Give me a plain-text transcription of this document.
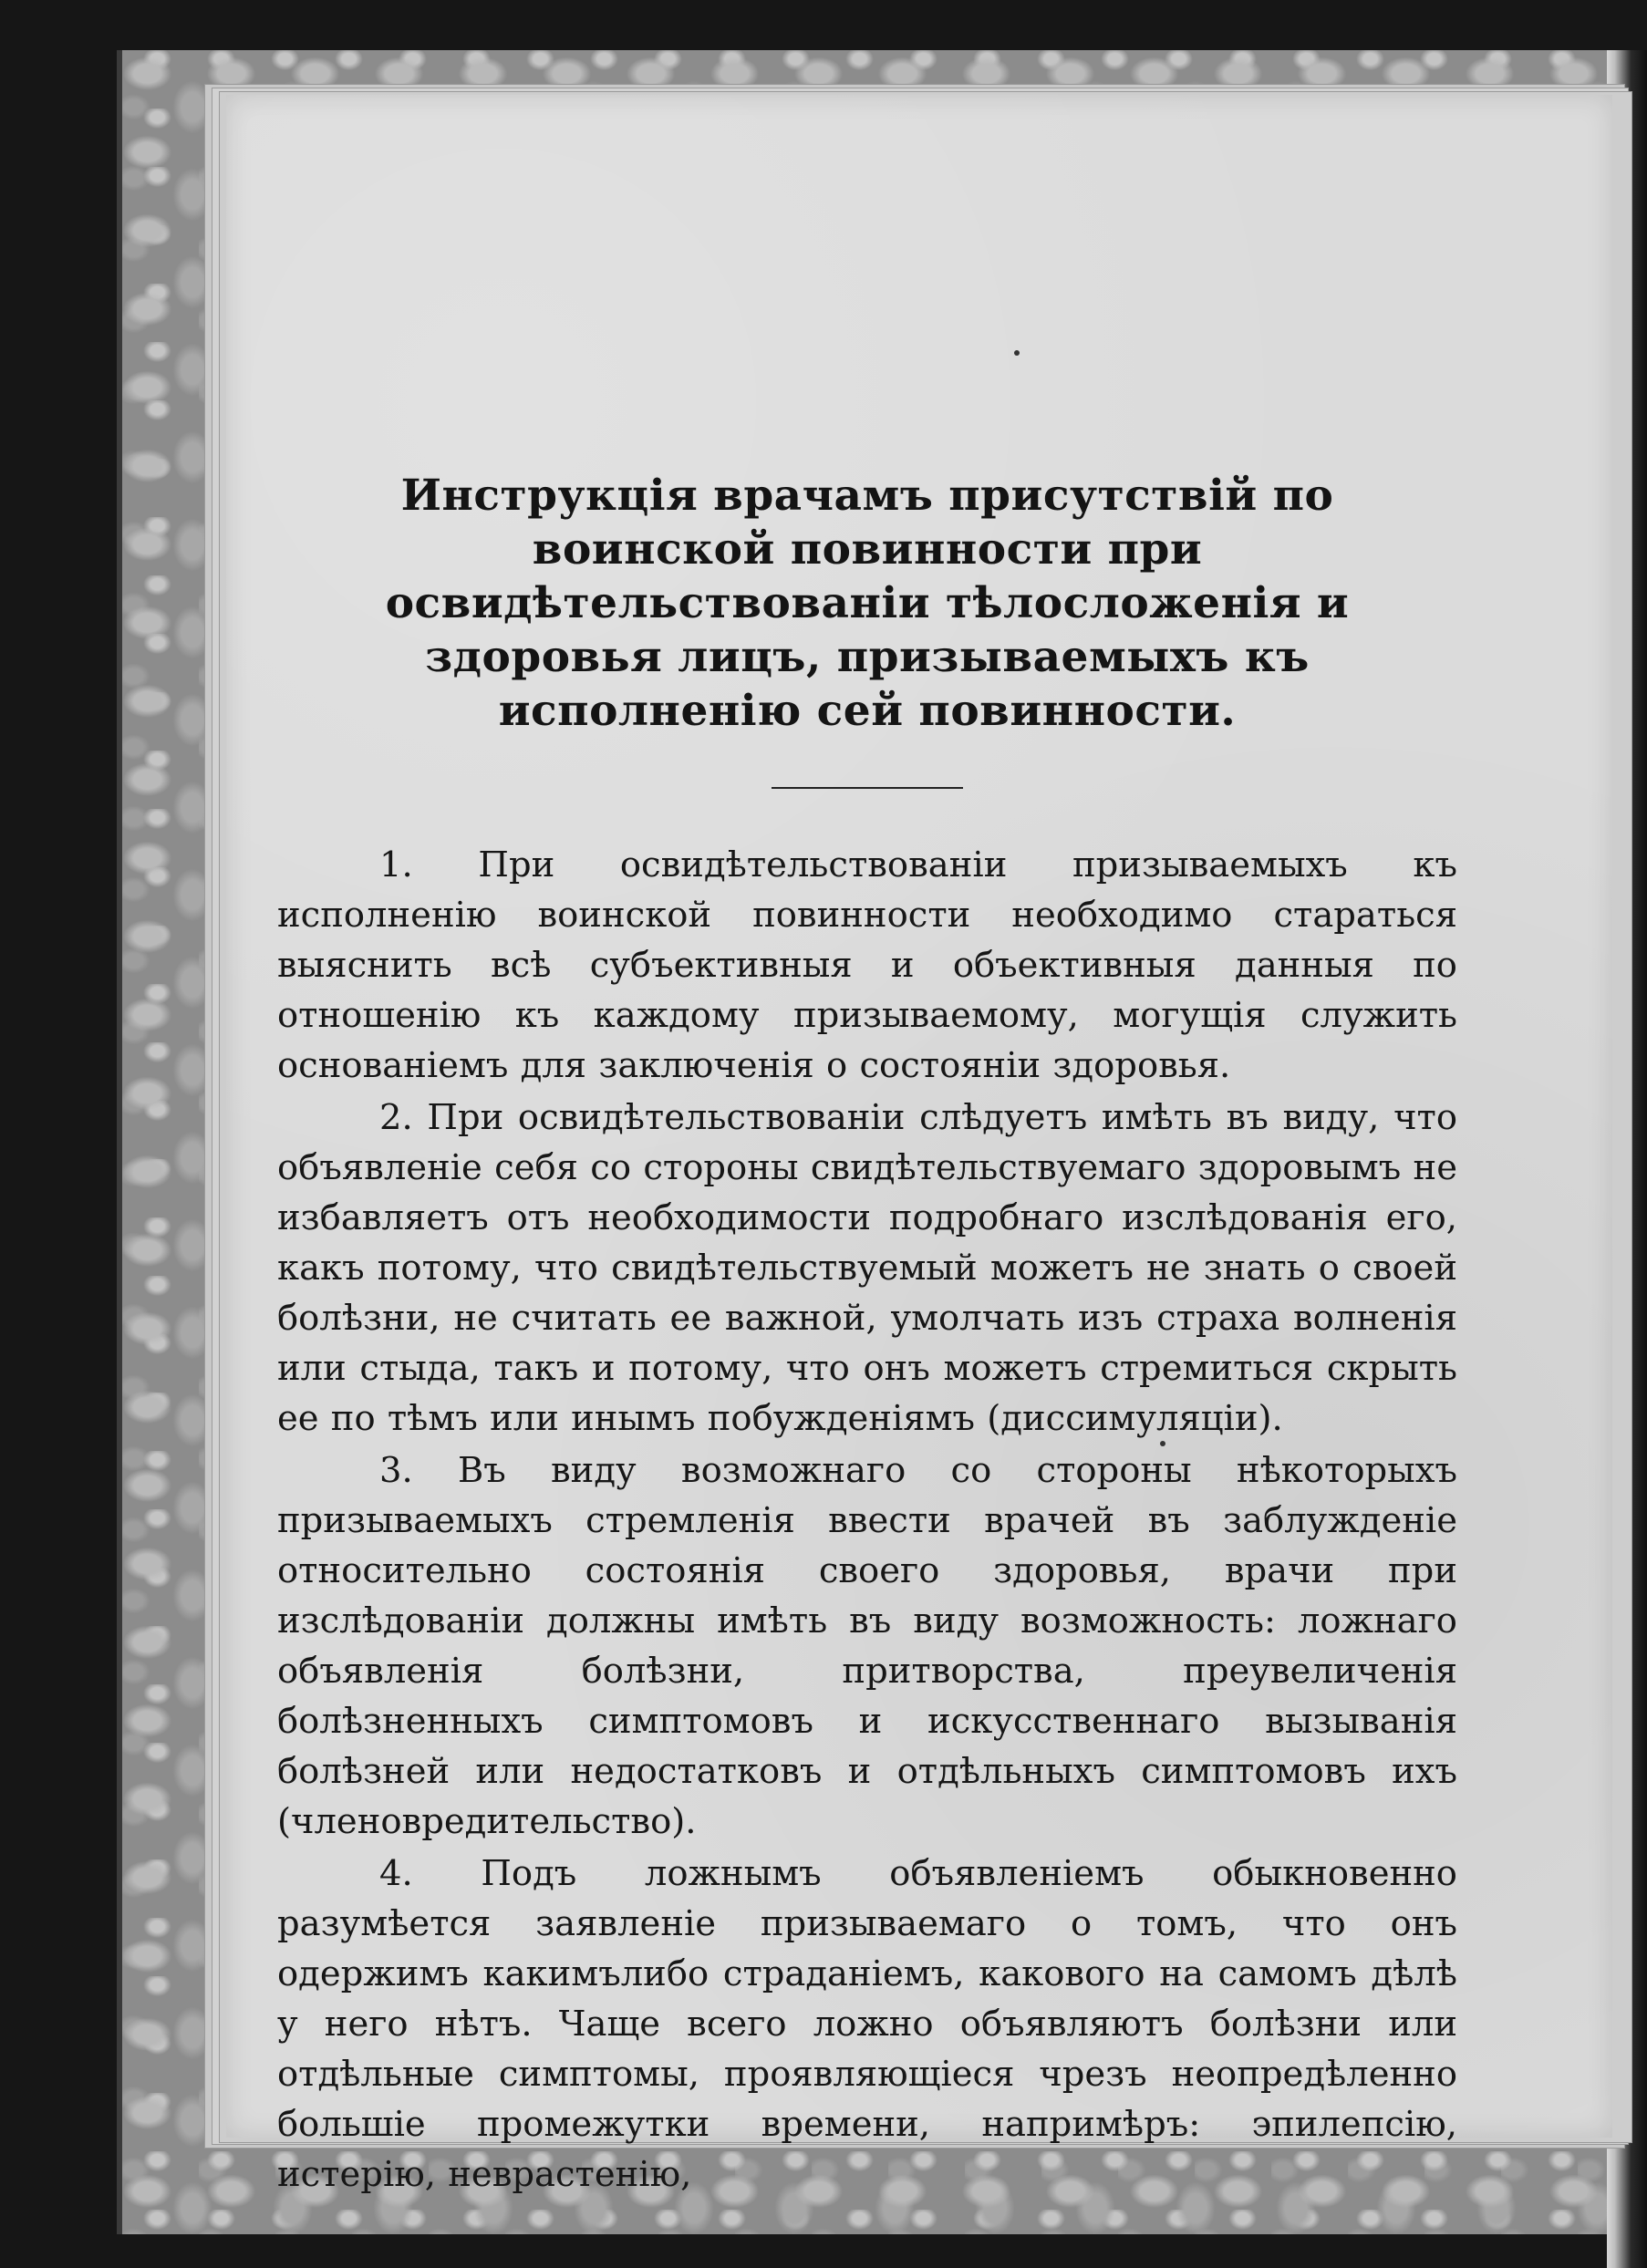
Инструкція врачамъ присутствій по воинской повинности при освидѣтельствованіи тѣлосложенія и здоровья лицъ, призываемыхъ къ исполненію сей повинности.

1. При освидѣтельствованіи призываемыхъ къ исполненію воинской повинности необходимо стараться выяснить всѣ субъективныя и объективныя данныя по отношенію къ каждому призываемому, могущія служить основаніемъ для заключенія о состояніи здоровья.

2. При освидѣтельствованіи слѣдуетъ имѣть въ виду, что объявленіе себя со стороны свидѣтельствуемаго здоровымъ не избавляетъ отъ необходимости подробнаго изслѣдованія его, какъ потому, что свидѣтельствуемый можетъ не знать о своей болѣзни, не считать ее важной, умолчать изъ страха волненія или стыда, такъ и потому, что онъ можетъ стремиться скрыть ее по тѣмъ или инымъ побужденіямъ (диссимуляціи).

3. Въ виду возможнаго со стороны нѣкоторыхъ призываемыхъ стремленія ввести врачей въ заблужденіе относительно состоянія своего здоровья, врачи при изслѣдованіи должны имѣть въ виду возможность: ложнаго объявленія болѣзни, притворства, преувеличенія болѣзненныхъ симптомовъ и искусственнаго вызыванія болѣзней или недостатковъ и отдѣльныхъ симптомовъ ихъ (членовредительство).

4. Подъ ложнымъ объявленіемъ обыкновенно разумѣется заявленіе призываемаго о томъ, что онъ одержимъ какимълибо страданіемъ, какового на самомъ дѣлѣ у него нѣтъ. Чаще всего ложно объявляютъ болѣзни или отдѣльные симптомы, проявляющіеся чрезъ неопредѣленно большіе промежутки времени, напримѣръ: эпилепсію, истерію, неврастенію,
